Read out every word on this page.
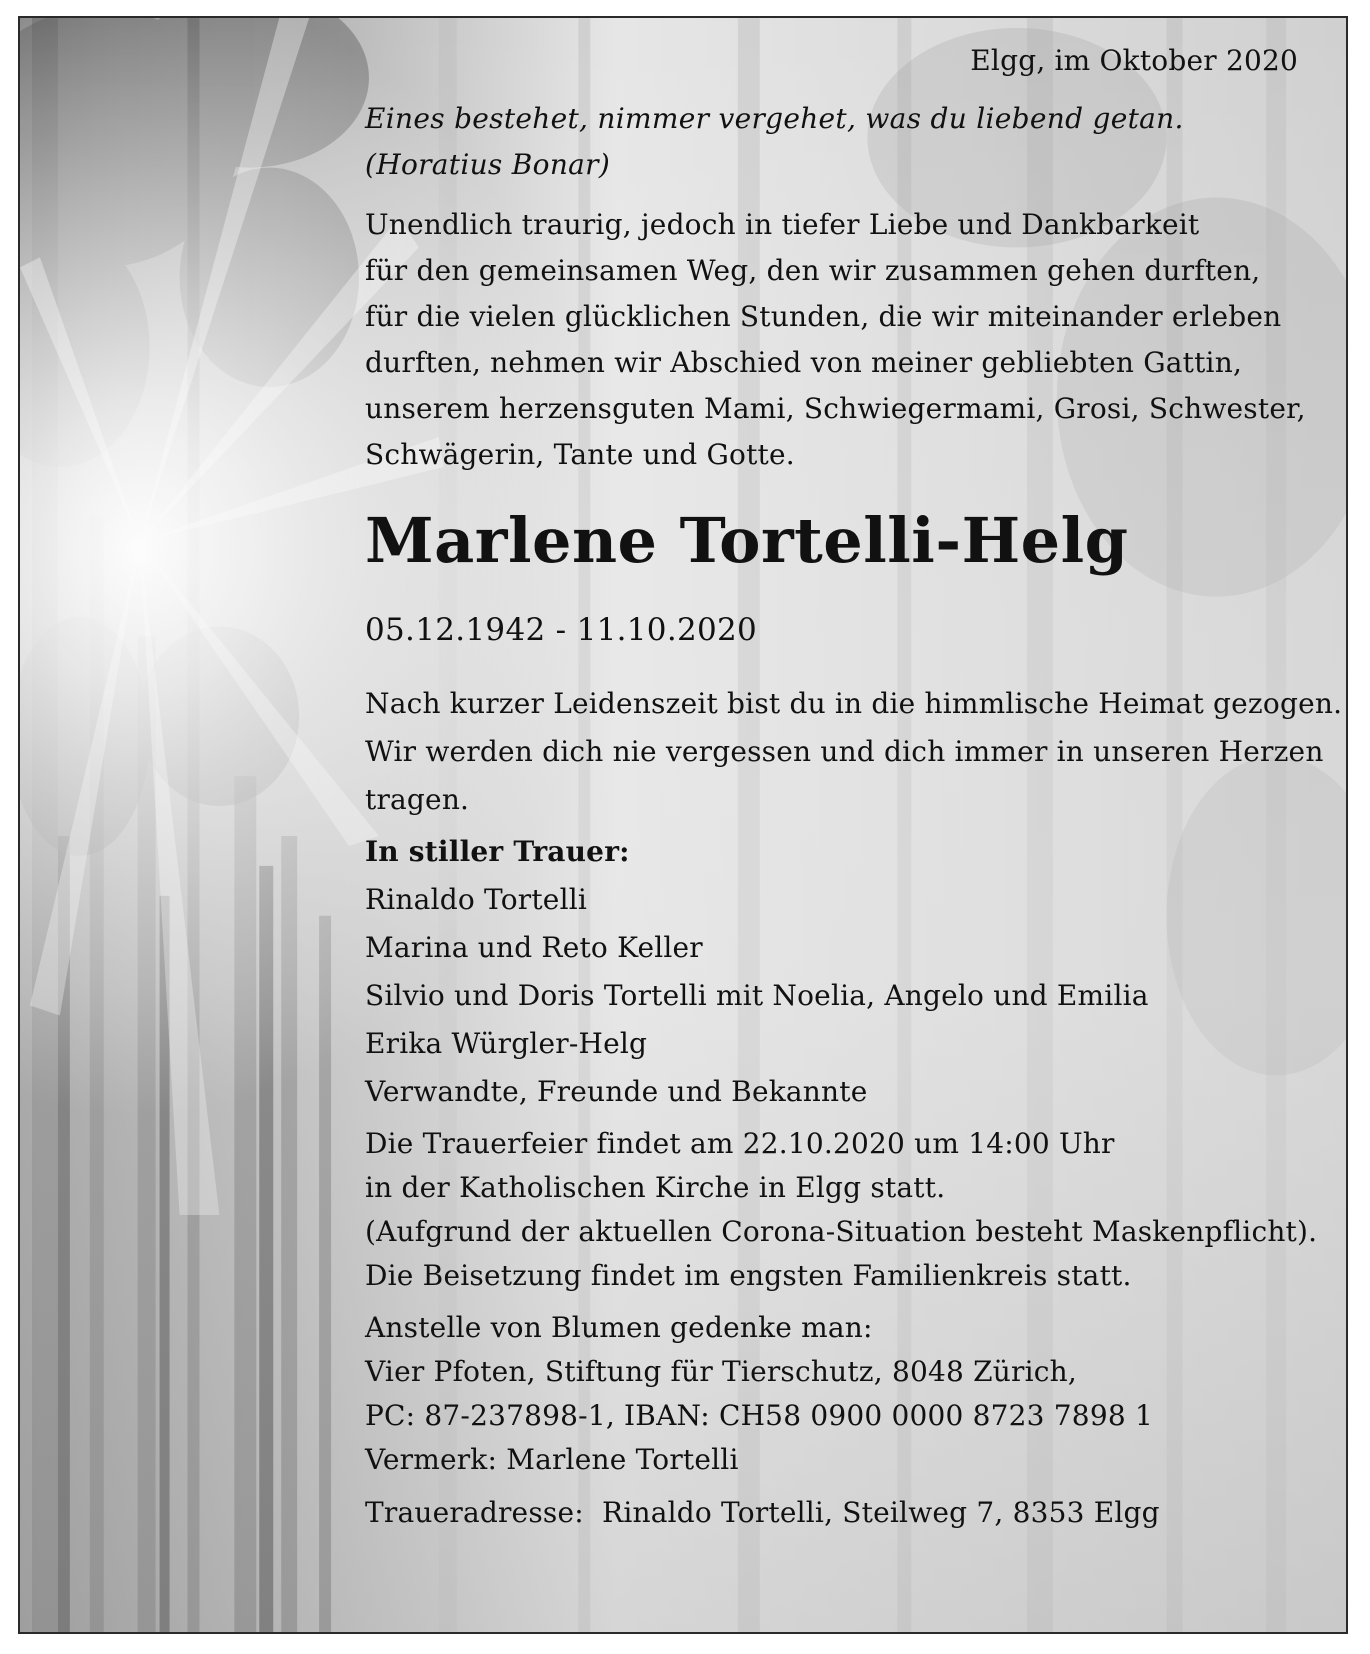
Elgg, im Oktober 2020
Eines bestehet, nimmer vergehet, was du liebend getan.
(Horatius Bonar)
Unendlich traurig, jedoch in tiefer Liebe und Dankbarkeit
für den gemeinsamen Weg, den wir zusammen gehen durften,
für die vielen glücklichen Stunden, die wir miteinander erleben
durften, nehmen wir Abschied von meiner gebliebten Gattin,
unserem herzensguten Mami, Schwiegermami, Grosi, Schwester,
Schwägerin, Tante und Gotte.
Marlene Tortelli-Helg
05.12.1942 - 11.10.2020
Nach kurzer Leidenszeit bist du in die himmlische Heimat gezogen.
Wir werden dich nie vergessen und dich immer in unseren Herzen
tragen.
In stiller Trauer:
Rinaldo Tortelli
Marina und Reto Keller
Silvio und Doris Tortelli mit Noelia, Angelo und Emilia
Erika Würgler-Helg
Verwandte, Freunde und Bekannte
Die Trauerfeier findet am 22.10.2020 um 14:00 Uhr
in der Katholischen Kirche in Elgg statt.
(Aufgrund der aktuellen Corona-Situation besteht Maskenpflicht).
Die Beisetzung findet im engsten Familienkreis statt.
Anstelle von Blumen gedenke man:
Vier Pfoten, Stiftung für Tierschutz, 8048 Zürich,
PC: 87-237898-1, IBAN: CH58 0900 0000 8723 7898 1
Vermerk: Marlene Tortelli
Traueradresse:  Rinaldo Tortelli, Steilweg 7, 8353 Elgg
